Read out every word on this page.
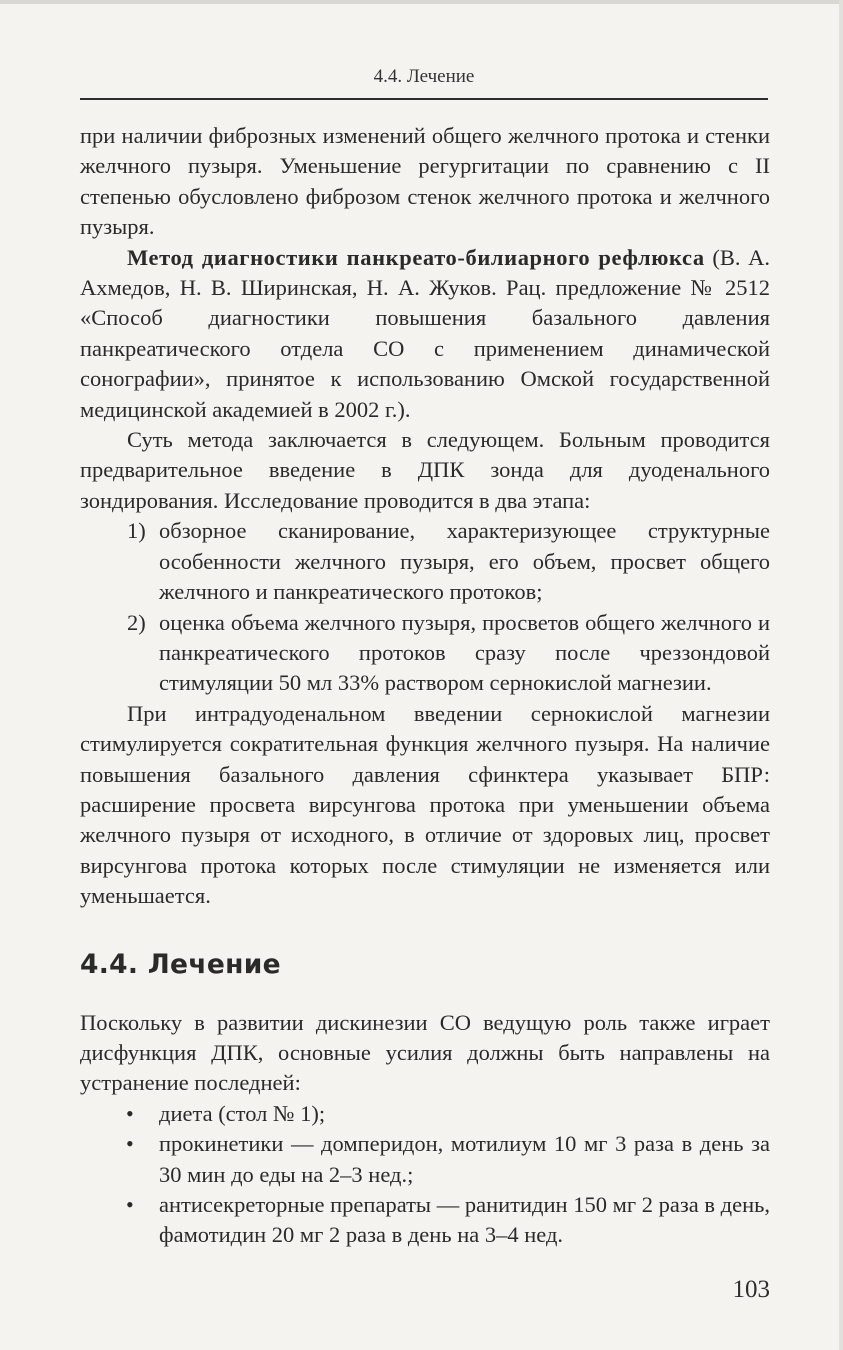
4.4. Лечение

при наличии фиброзных изменений общего желчного протока и стенки желчного пузыря. Уменьшение регургитации по сравнению с II степенью обусловлено фиброзом стенок желчного протока и желчного пузыря.

Метод диагностики панкреато-билиарного рефлюкса (В. А. Ахмедов, Н. В. Ширинская, Н. А. Жуков. Рац. предложение № 2512 «Способ диагностики повышения базального давления панкреатического отдела СО с применением динамической сонографии», принятое к использованию Омской государственной медицинской академией в 2002 г.).

Суть метода заключается в следующем. Больным проводится предварительное введение в ДПК зонда для дуоденального зондирования. Исследование проводится в два этапа:

1) обзорное сканирование, характеризующее структурные особенности желчного пузыря, его объем, просвет общего желчного и панкреатического протоков;
2) оценка объема желчного пузыря, просветов общего желчного и панкреатического протоков сразу после чреззондовой стимуляции 50 мл 33% раствором сернокислой магнезии.

При интрадуоденальном введении сернокислой магнезии стимулируется сократительная функция желчного пузыря. На наличие повышения базального давления сфинктера указывает БПР: расширение просвета вирсунгова протока при уменьшении объема желчного пузыря от исходного, в отличие от здоровых лиц, просвет вирсунгова протока которых после стимуляции не изменяется или уменьшается.

4.4. Лечение

Поскольку в развитии дискинезии СО ведущую роль также играет дисфункция ДПК, основные усилия должны быть направлены на устранение последней:

• диета (стол № 1);
• прокинетики — домперидон, мотилиум 10 мг 3 раза в день за 30 мин до еды на 2–3 нед.;
• антисекреторные препараты — ранитидин 150 мг 2 раза в день, фамотидин 20 мг 2 раза в день на 3–4 нед.
103
